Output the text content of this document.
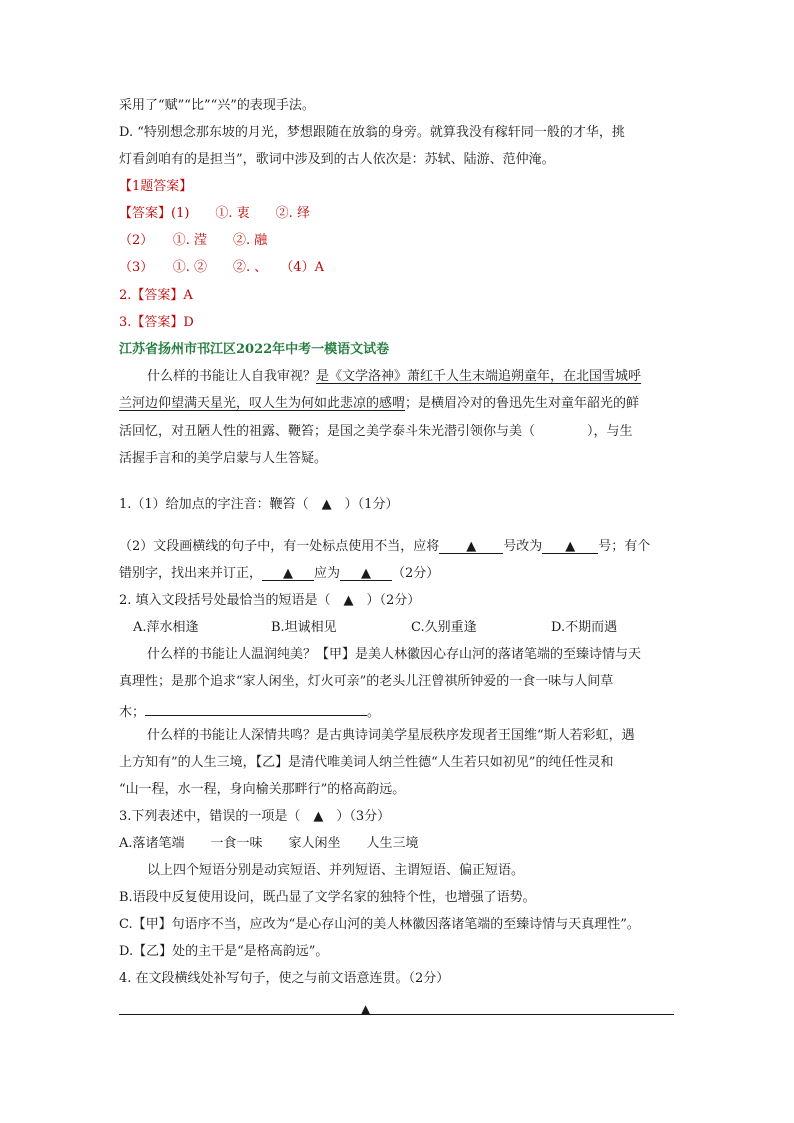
采用了“赋”“比”“兴”的表现手法。
D. “特别想念那东坡的月光，梦想跟随在放翁的身旁。就算我没有稼轩同一般的才华，挑
灯看剑咱有的是担当”，歌词中涉及到的古人依次是：苏轼、陆游、范仲淹。
【1题答案】
【答案】(1)　　①. 衷　　②. 绎
（2）　　①. 滢　　②. 融
（3）　　①. ②　　②. 、　　（4）A
2.【答案】A
3.【答案】D
江苏省扬州市邗江区2022年中考一模语文试卷
什么样的书能让人自我审视？是《文学洛神》萧红千人生末端追朔童年，在北国雪城呼
兰河边仰望满天星光，叹人生为何如此悲凉的感喟；是横眉冷对的鲁迅先生对童年韶光的鲜
活回忆，对丑陋人性的祖露、鞭笞；是国之美学泰斗朱光潜引领你与美（　　　　），与生
活握手言和的美学启蒙与人生答疑。
1.（1）给加点的字注音：鞭笞（　▲　）（1分）
（2）文段画横线的句子中，有一处标点使用不当，应将 ▲ 号改为 ▲ 号；有个
错别字，找出来并订正， ▲ 应为 ▲ （2分）
2. 填入文段括号处最恰当的短语是（　▲　）（2分）
A.萍水相逢	B.坦诚相见	C.久别重逢	D.不期而遇
什么样的书能让人温润纯美？【甲】是美人林徽因心存山河的落诸笔端的至臻诗情与天
真理性；是那个追求“家人闲坐，灯火可亲”的老头儿汪曾祺所钟爱的一食一味与人间草
木；	。
什么样的书能让人深情共鸣？是古典诗词美学星辰秩序发现者王国维“斯人若彩虹，遇
上方知有”的人生三境，【乙】是清代唯美词人纳兰性德“人生若只如初见”的纯任性灵和
“山一程，水一程，身向榆关那畔行”的格高韵远。
3.下列表述中，错误的一项是（　▲　）（3分）
A.落诸笔端　　一食一味　　家人闲坐　　人生三境
以上四个短语分别是动宾短语、并列短语、主谓短语、偏正短语。
B.语段中反复使用设问，既凸显了文学名家的独特个性，也增强了语势。
C.【甲】句语序不当，应改为“是心存山河的美人林徽因落诸笔端的至臻诗情与天真理性”。
D.【乙】处的主干是“是格高韵远”。
4. 在文段横线处补写句子，使之与前文语意连贯。（2分）
▲
